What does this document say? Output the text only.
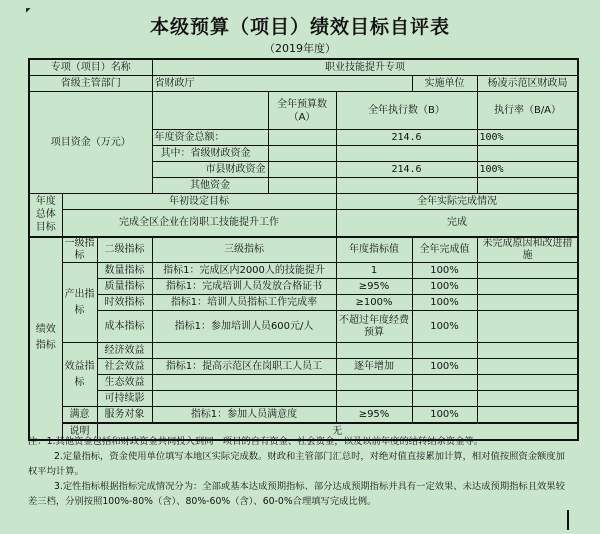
◤
本级预算（项目）绩效目标自评表
（2019年度）
专项（项目）名称			职业技能提升专项				
省级主管部门			省财政厅			实施单位	杨凌示范区财政局
项目资金（万元）				全年预算数（A）	全年执行数（B）		执行率（B/A）
			年度资金总额：		214.6		100%
			其中：省级财政资金				
			市县财政资金		214.6		100%
			其他资金				
年度总体目标	年初设定目标				全年实际完成情况		
	完成全区企业在岗职工技能提升工作				完成		
绩效指标	一级指标	二级指标	三级指标		年度指标值	全年完成值	未完成原因和改进措施
	产出指标	数量指标	指标1：完成区内2000人的技能提升		1	100%	
		质量指标	指标1：完成培训人员发放合格证书		≥95%	100%	
		时效指标	指标1：培训人员指标工作完成率		≥100%	100%	
		成本指标	指标1：参加培训人员600元/人		不超过年度经费预算	100%	
	效益指标	经济效益					
		社会效益	指标1：提高示范区在岗职工人员工		逐年增加	100%	
		生态效益					
		可持续影					
	满意	服务对象	指标1：参加人员满意度		≥95%	100%	
	说明	无					

注：1.其他资金包括和财政资金共同投入到同一项目的自有资金、社会资金，以及以前年度的结转结余资金等。

2.定量指标，资金使用单位填写本地区实际完成数。财政和主管部门汇总时，对绝对值直接累加计算，相对值按照资金额度加权平均计算。

3.定性指标根据指标完成情况分为：全部或基本达成预期指标、部分达成预期指标并具有一定效果、未达成预期指标且效果较差三档，分别按照100%-80%（含）、80%-60%（含）、60-0%合理填写完成比例。
